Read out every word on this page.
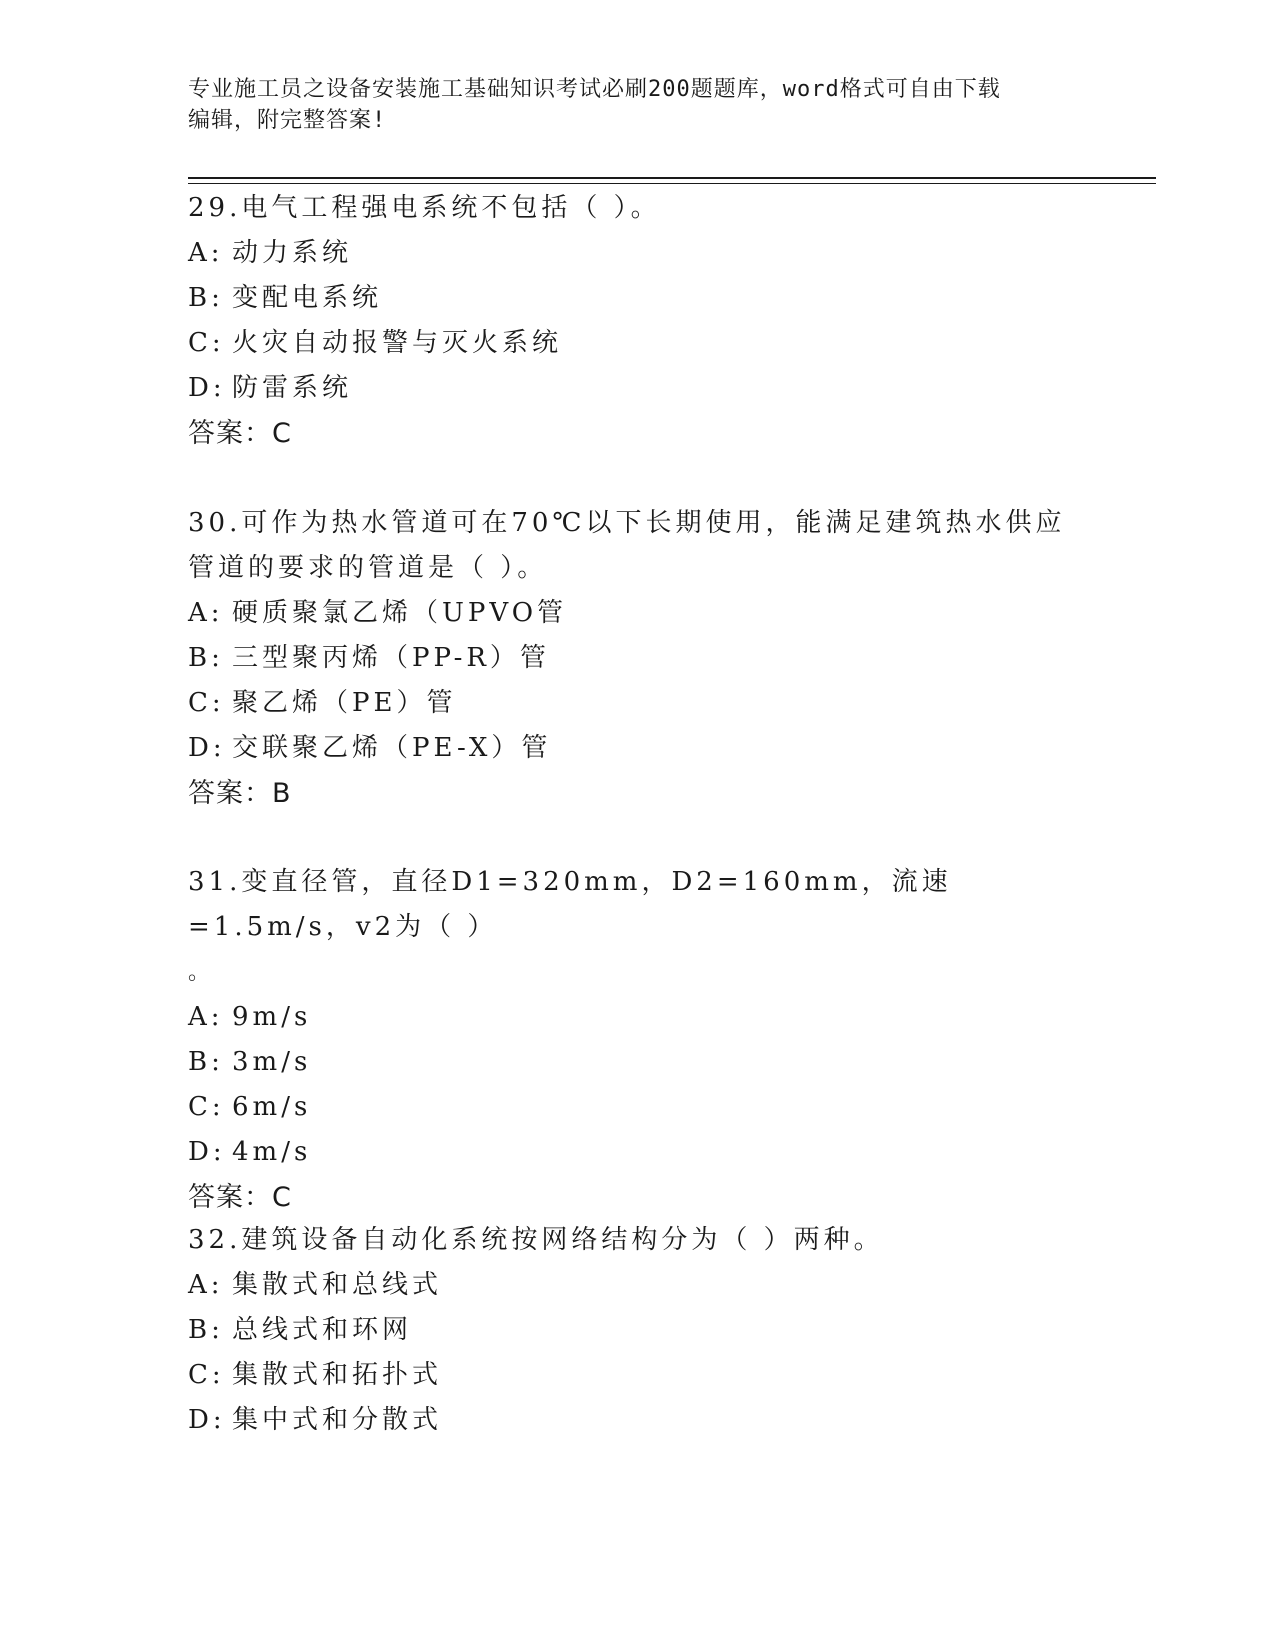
专业施工员之设备安装施工基础知识考试必刷200题题库，word格式可自由下载
编辑，附完整答案!

29.电气工程强电系统不包括（ ）。

A: 动力系统

B: 变配电系统

C: 火灾自动报警与灭火系统

D: 防雷系统

答案：C

30.可作为热水管道可在70℃以下长期使用，能满足建筑热水供应管道的要求的管道是（ ）。

A: 硬质聚氯乙烯（UPVO管

B: 三型聚丙烯（PP-R）管

C: 聚乙烯（PE）管

D: 交联聚乙烯（PE-X）管

答案：B

31.变直径管，直径D1=320mm，D2=160mm，流速=1.5m/s，v2为（ ）
。

A: 9m/s

B: 3m/s

C: 6m/s

D: 4m/s

答案：C

32.建筑设备自动化系统按网络结构分为（ ）两种。

A: 集散式和总线式

B: 总线式和环网

C: 集散式和拓扑式

D: 集中式和分散式
